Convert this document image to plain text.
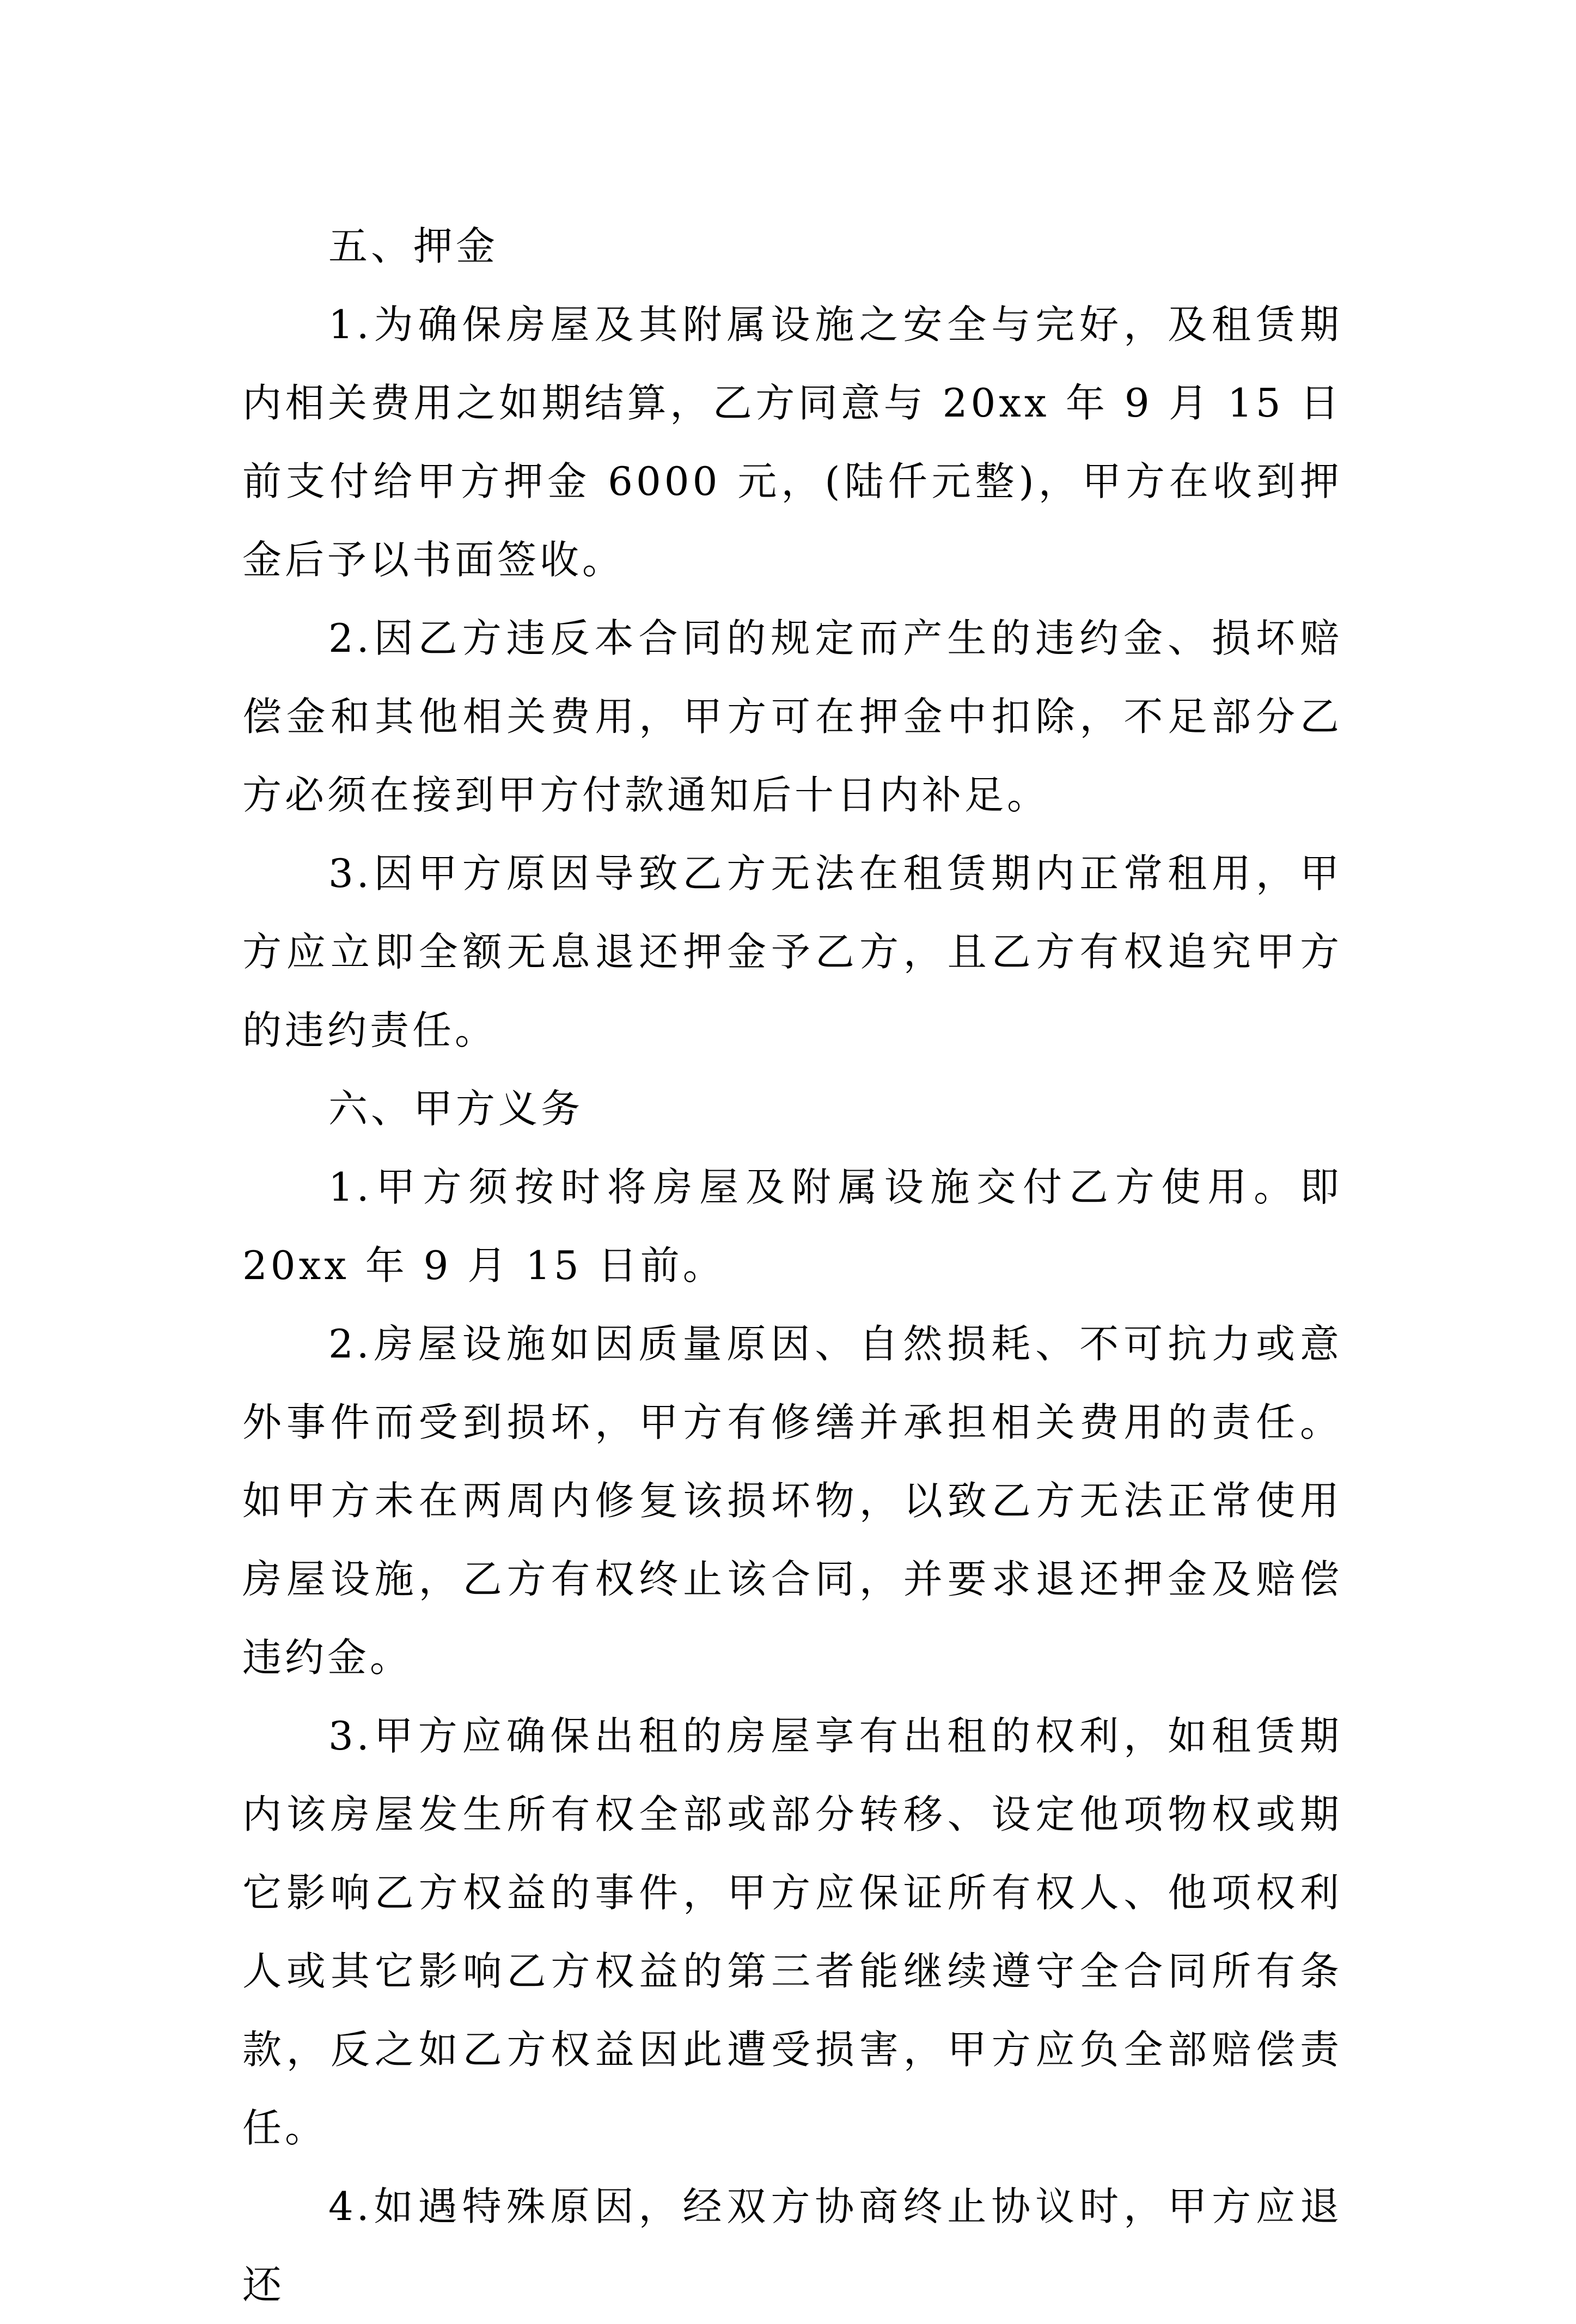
五、押金

1.为确保房屋及其附属设施之安全与完好，及租赁期内相关费用之如期结算，乙方同意与 20xx 年 9 月 15 日前支付给甲方押金 6000 元，(陆仟元整)，甲方在收到押金后予以书面签收。

2.因乙方违反本合同的规定而产生的违约金、损坏赔偿金和其他相关费用，甲方可在押金中扣除，不足部分乙方必须在接到甲方付款通知后十日内补足。

3.因甲方原因导致乙方无法在租赁期内正常租用，甲方应立即全额无息退还押金予乙方，且乙方有权追究甲方的违约责任。

六、甲方义务

1.甲方须按时将房屋及附属设施交付乙方使用。即 20xx 年 9 月 15 日前。

2.房屋设施如因质量原因、自然损耗、不可抗力或意外事件而受到损坏，甲方有修缮并承担相关费用的责任。如甲方未在两周内修复该损坏物，以致乙方无法正常使用房屋设施，乙方有权终止该合同，并要求退还押金及赔偿违约金。

3.甲方应确保出租的房屋享有出租的权利，如租赁期内该房屋发生所有权全部或部分转移、设定他项物权或期它影响乙方权益的事件，甲方应保证所有权人、他项权利人或其它影响乙方权益的第三者能继续遵守全合同所有条款，反之如乙方权益因此遭受损害，甲方应负全部赔偿责任。

4.如遇特殊原因，经双方协商终止协议时，甲方应退还
